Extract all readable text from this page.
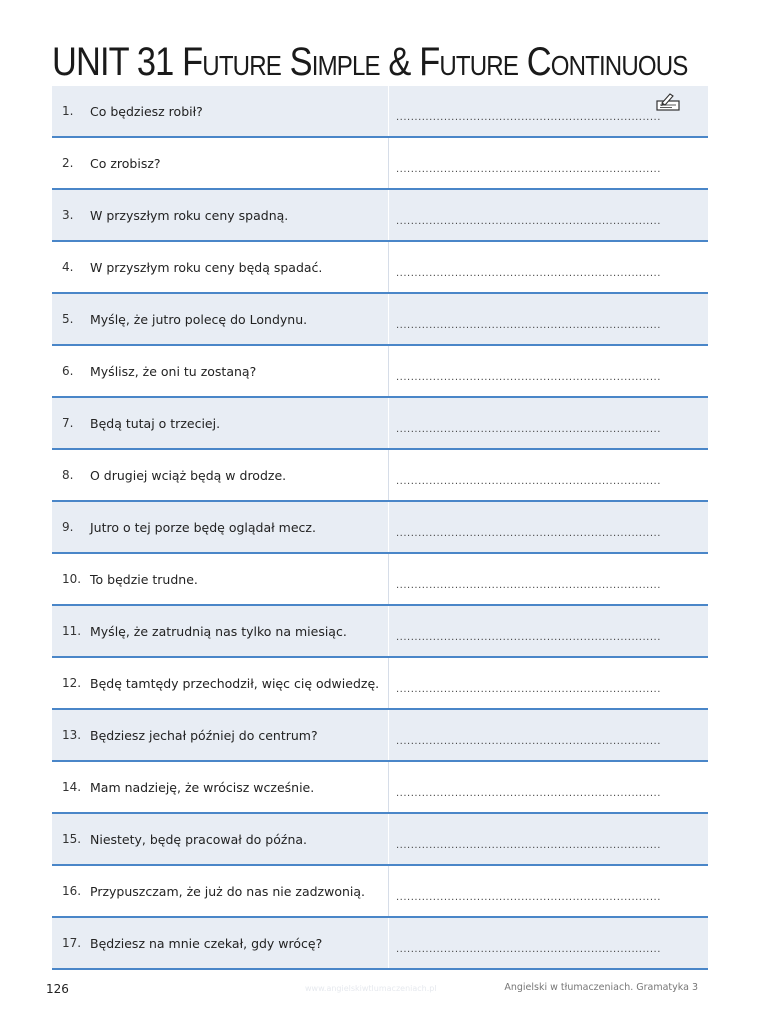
UNIT 31 Future Simple & Future Continuous
1.	Co będziesz robił?	........................................................................
2.	Co zrobisz?	........................................................................
3.	W przyszłym roku ceny spadną.	........................................................................
4.	W przyszłym roku ceny będą spadać.	........................................................................
5.	Myślę, że jutro polecę do Londynu.	........................................................................
6.	Myślisz, że oni tu zostaną?	........................................................................
7.	Będą tutaj o trzeciej.	........................................................................
8.	O drugiej wciąż będą w drodze.	........................................................................
9.	Jutro o tej porze będę oglądał mecz.	........................................................................
10. To będzie trudne.	........................................................................
11. Myślę, że zatrudnią nas tylko na miesiąc.	........................................................................
12. Będę tamtędy przechodził, więc cię odwiedzę.	........................................................................
13. Będziesz jechał później do centrum?	........................................................................
14. Mam nadzieję, że wrócisz wcześnie.	........................................................................
15. Niestety, będę pracował do późna.	........................................................................
16. Przypuszczam, że już do nas nie zadzwonią.	........................................................................
17. Będziesz na mnie czekał, gdy wrócę?	........................................................................
126	www.angielskiwtlumaczeniach.pl	Angielski w tłumaczeniach. Gramatyka 3
